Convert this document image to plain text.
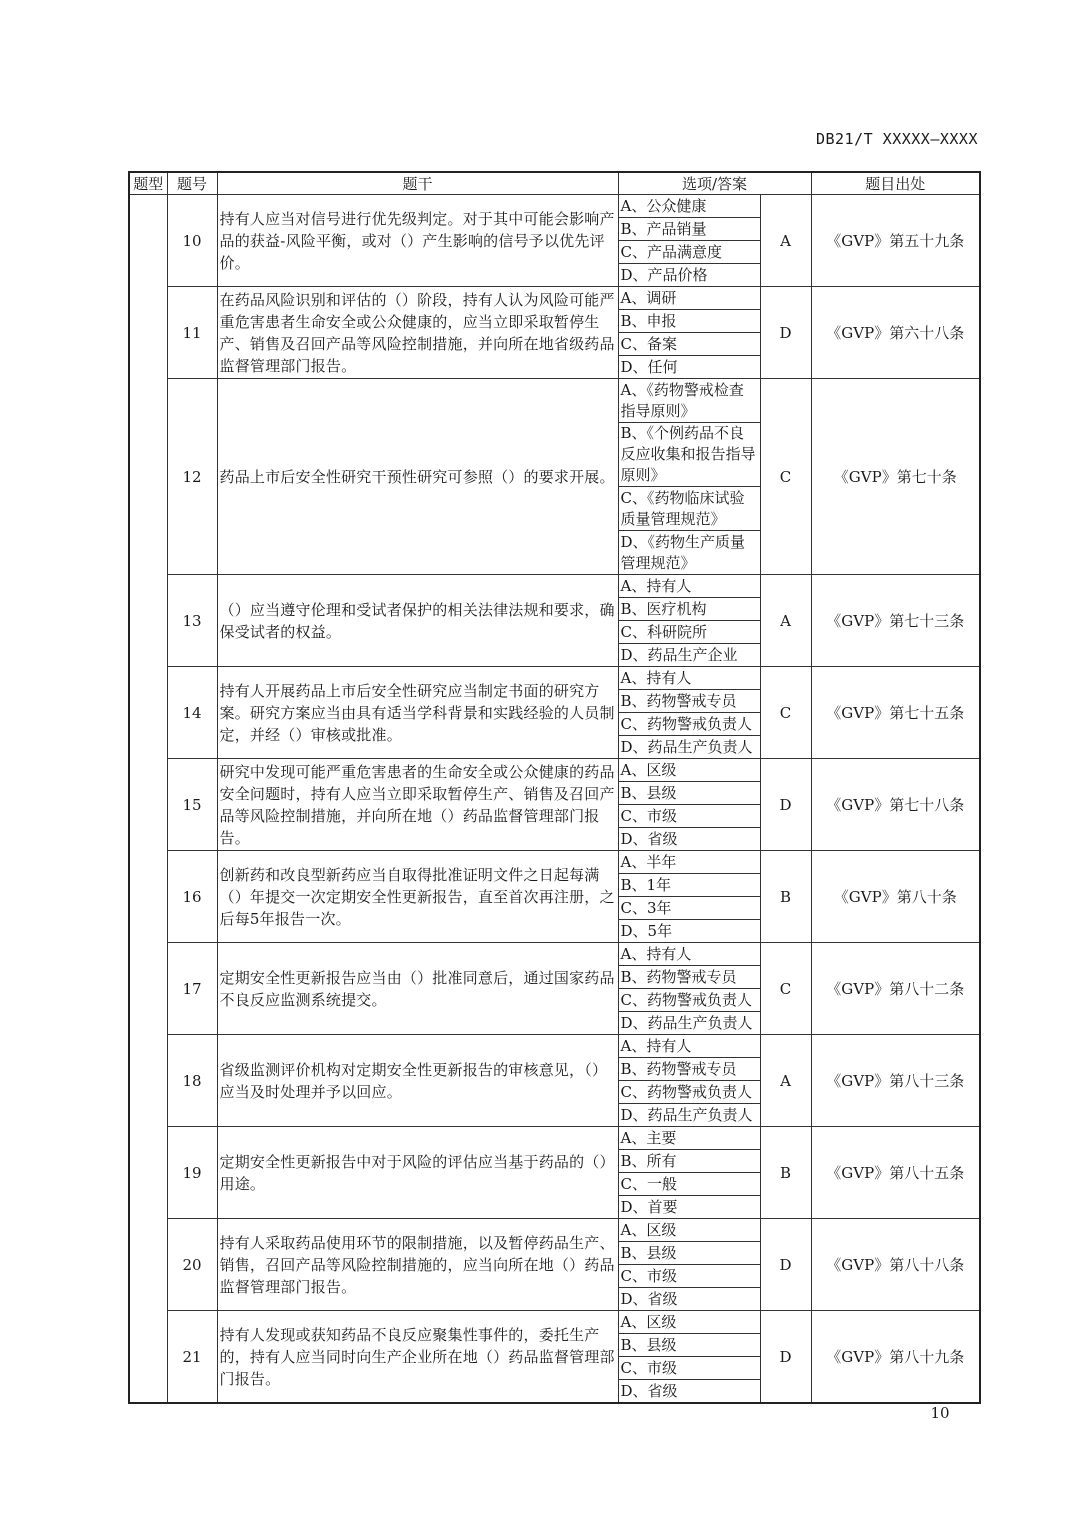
DB21/T XXXXX—XXXX
题型	题号	题干	选项/答案		题目出处
	10	持有人应当对信号进行优先级判定。对于其中可能会影响产品的获益-风险平衡，或对（）产生影响的信号予以优先评价。	A、公众健康	A	《GVP》第五十九条
			B、产品销量		
			C、产品满意度		
			D、产品价格		
	11	在药品风险识别和评估的（）阶段，持有人认为风险可能严重危害患者生命安全或公众健康的，应当立即采取暂停生产、销售及召回产品等风险控制措施，并向所在地省级药品监督管理部门报告。	A、调研	D	《GVP》第六十八条
			B、申报		
			C、备案		
			D、任何		
	12	药品上市后安全性研究干预性研究可参照（）的要求开展。	A、《药物警戒检查指导原则》	C	《GVP》第七十条
			B、《个例药品不良反应收集和报告指导原则》		
			C、《药物临床试验质量管理规范》		
			D、《药物生产质量管理规范》		
	13	（）应当遵守伦理和受试者保护的相关法律法规和要求，确保受试者的权益。	A、持有人	A	《GVP》第七十三条
			B、医疗机构		
			C、科研院所		
			D、药品生产企业		
	14	持有人开展药品上市后安全性研究应当制定书面的研究方案。研究方案应当由具有适当学科背景和实践经验的人员制定，并经（）审核或批准。	A、持有人	C	《GVP》第七十五条
			B、药物警戒专员		
			C、药物警戒负责人		
			D、药品生产负责人		
	15	研究中发现可能严重危害患者的生命安全或公众健康的药品安全问题时，持有人应当立即采取暂停生产、销售及召回产品等风险控制措施，并向所在地（）药品监督管理部门报告。	A、区级	D	《GVP》第七十八条
			B、县级		
			C、市级		
			D、省级		
	16	创新药和改良型新药应当自取得批准证明文件之日起每满（）年提交一次定期安全性更新报告，直至首次再注册，之后每5年报告一次。	A、半年	B	《GVP》第八十条
			B、1年		
			C、3年		
			D、5年		
	17	定期安全性更新报告应当由（）批准同意后，通过国家药品不良反应监测系统提交。	A、持有人	C	《GVP》第八十二条
			B、药物警戒专员		
			C、药物警戒负责人		
			D、药品生产负责人		
	18	省级监测评价机构对定期安全性更新报告的审核意见，（）应当及时处理并予以回应。	A、持有人	A	《GVP》第八十三条
			B、药物警戒专员		
			C、药物警戒负责人		
			D、药品生产负责人		
	19	定期安全性更新报告中对于风险的评估应当基于药品的（）用途。	A、主要	B	《GVP》第八十五条
			B、所有		
			C、一般		
			D、首要		
	20	持有人采取药品使用环节的限制措施，以及暂停药品生产、销售，召回产品等风险控制措施的，应当向所在地（）药品监督管理部门报告。	A、区级	D	《GVP》第八十八条
			B、县级		
			C、市级		
			D、省级		
	21	持有人发现或获知药品不良反应聚集性事件的，委托生产的，持有人应当同时向生产企业所在地（）药品监督管理部门报告。	A、区级	D	《GVP》第八十九条
			B、县级		
			C、市级		
			D、省级		
10
